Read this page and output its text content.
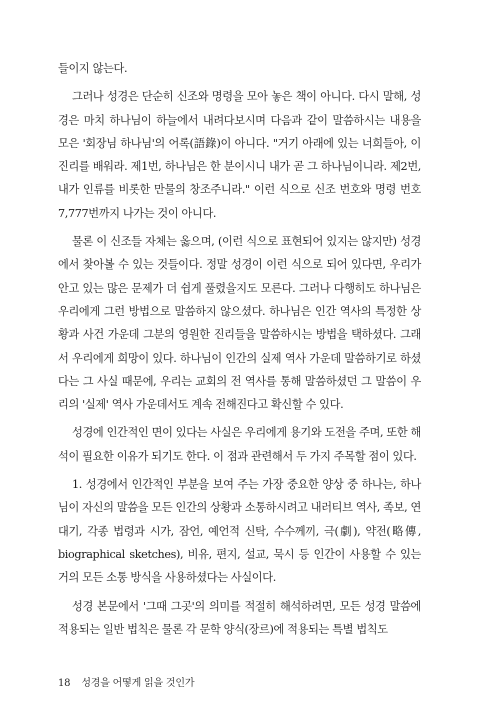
들이지 않는다.

그러나 성경은 단순히 신조와 명령을 모아 놓은 책이 아니다. 다시 말해, 성경은 마치 하나님이 하늘에서 내려다보시며 다음과 같이 말씀하시는 내용을 모은 '회장님 하나님'의 어록(語錄)이 아니다. "거기 아래에 있는 너희들아, 이 진리를 배워라. 제1번, 하나님은 한 분이시니 내가 곧 그 하나님이니라. 제2번, 내가 인류를 비롯한 만물의 창조주니라." 이런 식으로 신조 번호와 명령 번호 7,777번까지 나가는 것이 아니다.

물론 이 신조들 자체는 옳으며, (이런 식으로 표현되어 있지는 않지만) 성경에서 찾아볼 수 있는 것들이다. 정말 성경이 이런 식으로 되어 있다면, 우리가 안고 있는 많은 문제가 더 쉽게 풀렸을지도 모른다. 그러나 다행히도 하나님은 우리에게 그런 방법으로 말씀하지 않으셨다. 하나님은 인간 역사의 특정한 상황과 사건 가운데 그분의 영원한 진리들을 말씀하시는 방법을 택하셨다. 그래서 우리에게 희망이 있다. 하나님이 인간의 실제 역사 가운데 말씀하기로 하셨다는 그 사실 때문에, 우리는 교회의 전 역사를 통해 말씀하셨던 그 말씀이 우리의 '실제' 역사 가운데서도 계속 전해진다고 확신할 수 있다.

성경에 인간적인 면이 있다는 사실은 우리에게 용기와 도전을 주며, 또한 해석이 필요한 이유가 되기도 한다. 이 점과 관련해서 두 가지 주목할 점이 있다.

1. 성경에서 인간적인 부분을 보여 주는 가장 중요한 양상 중 하나는, 하나님이 자신의 말씀을 모든 인간의 상황과 소통하시려고 내러티브 역사, 족보, 연대기, 각종 법령과 시가, 잠언, 예언적 신탁, 수수께끼, 극(劇), 약전(略傳, biographical sketches), 비유, 편지, 설교, 묵시 등 인간이 사용할 수 있는 거의 모든 소통 방식을 사용하셨다는 사실이다.

성경 본문에서 '그때 그곳'의 의미를 적절히 해석하려면, 모든 성경 말씀에 적용되는 일반 법칙은 물론 각 문학 양식(장르)에 적용되는 특별 법칙도

18 성경을 어떻게 읽을 것인가
